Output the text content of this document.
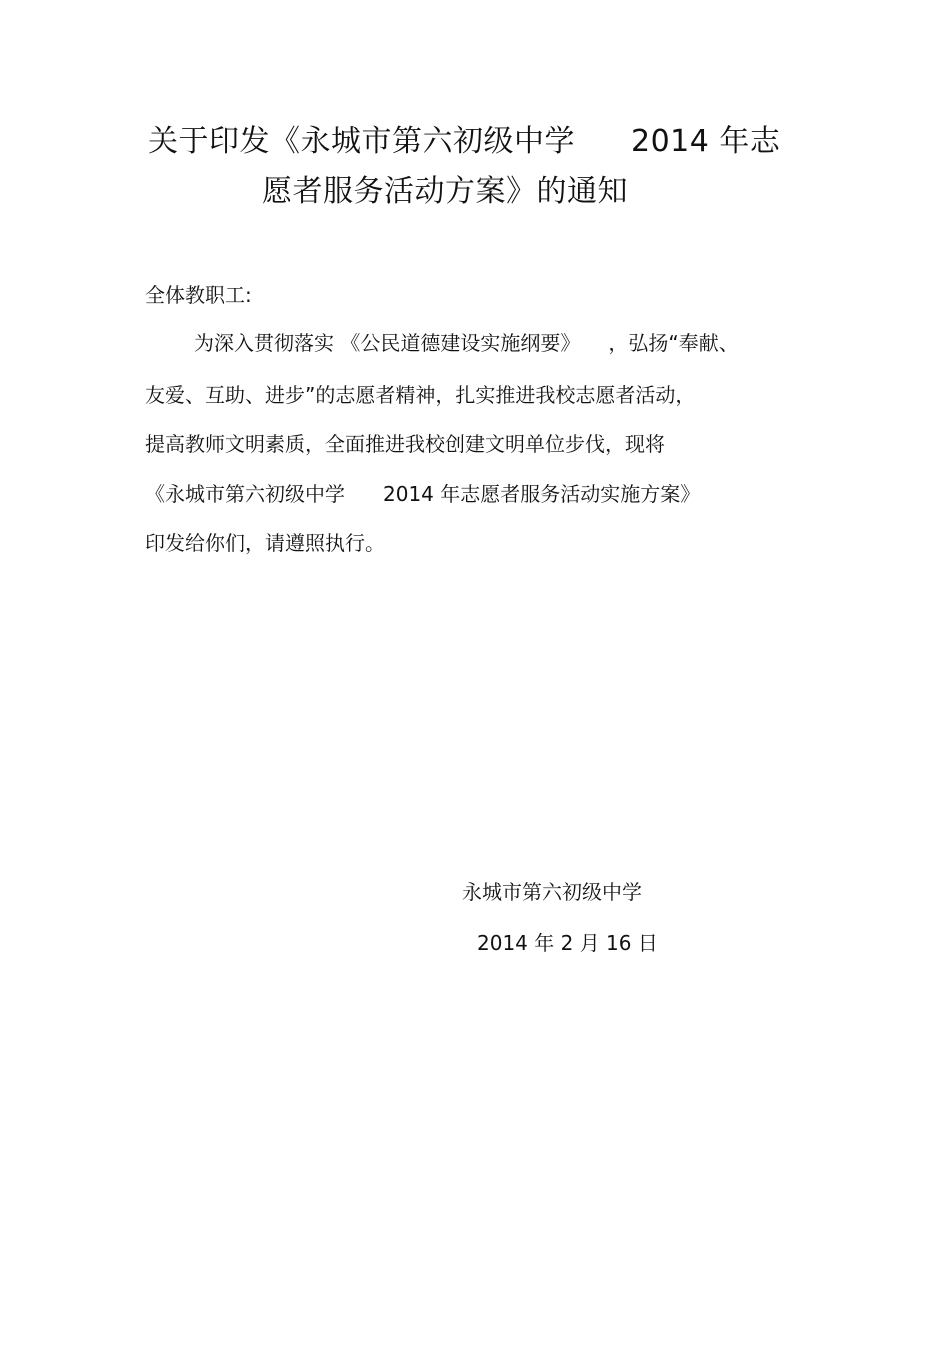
关于印发《永城市第六初级中学 2014 年志
愿者服务活动方案》的通知
全体教职工:
为深入贯彻落实 《公民道德建设实施纲要》 ，弘扬“奉献、
友爱、互助、进步”的志愿者精神，扎实推进我校志愿者活动，
提高教师文明素质，全面推进我校创建文明单位步伐，现将
《永城市第六初级中学 2014 年志愿者服务活动实施方案》
印发给你们，请遵照执行。
永城市第六初级中学
2014 年 2 月 16 日
